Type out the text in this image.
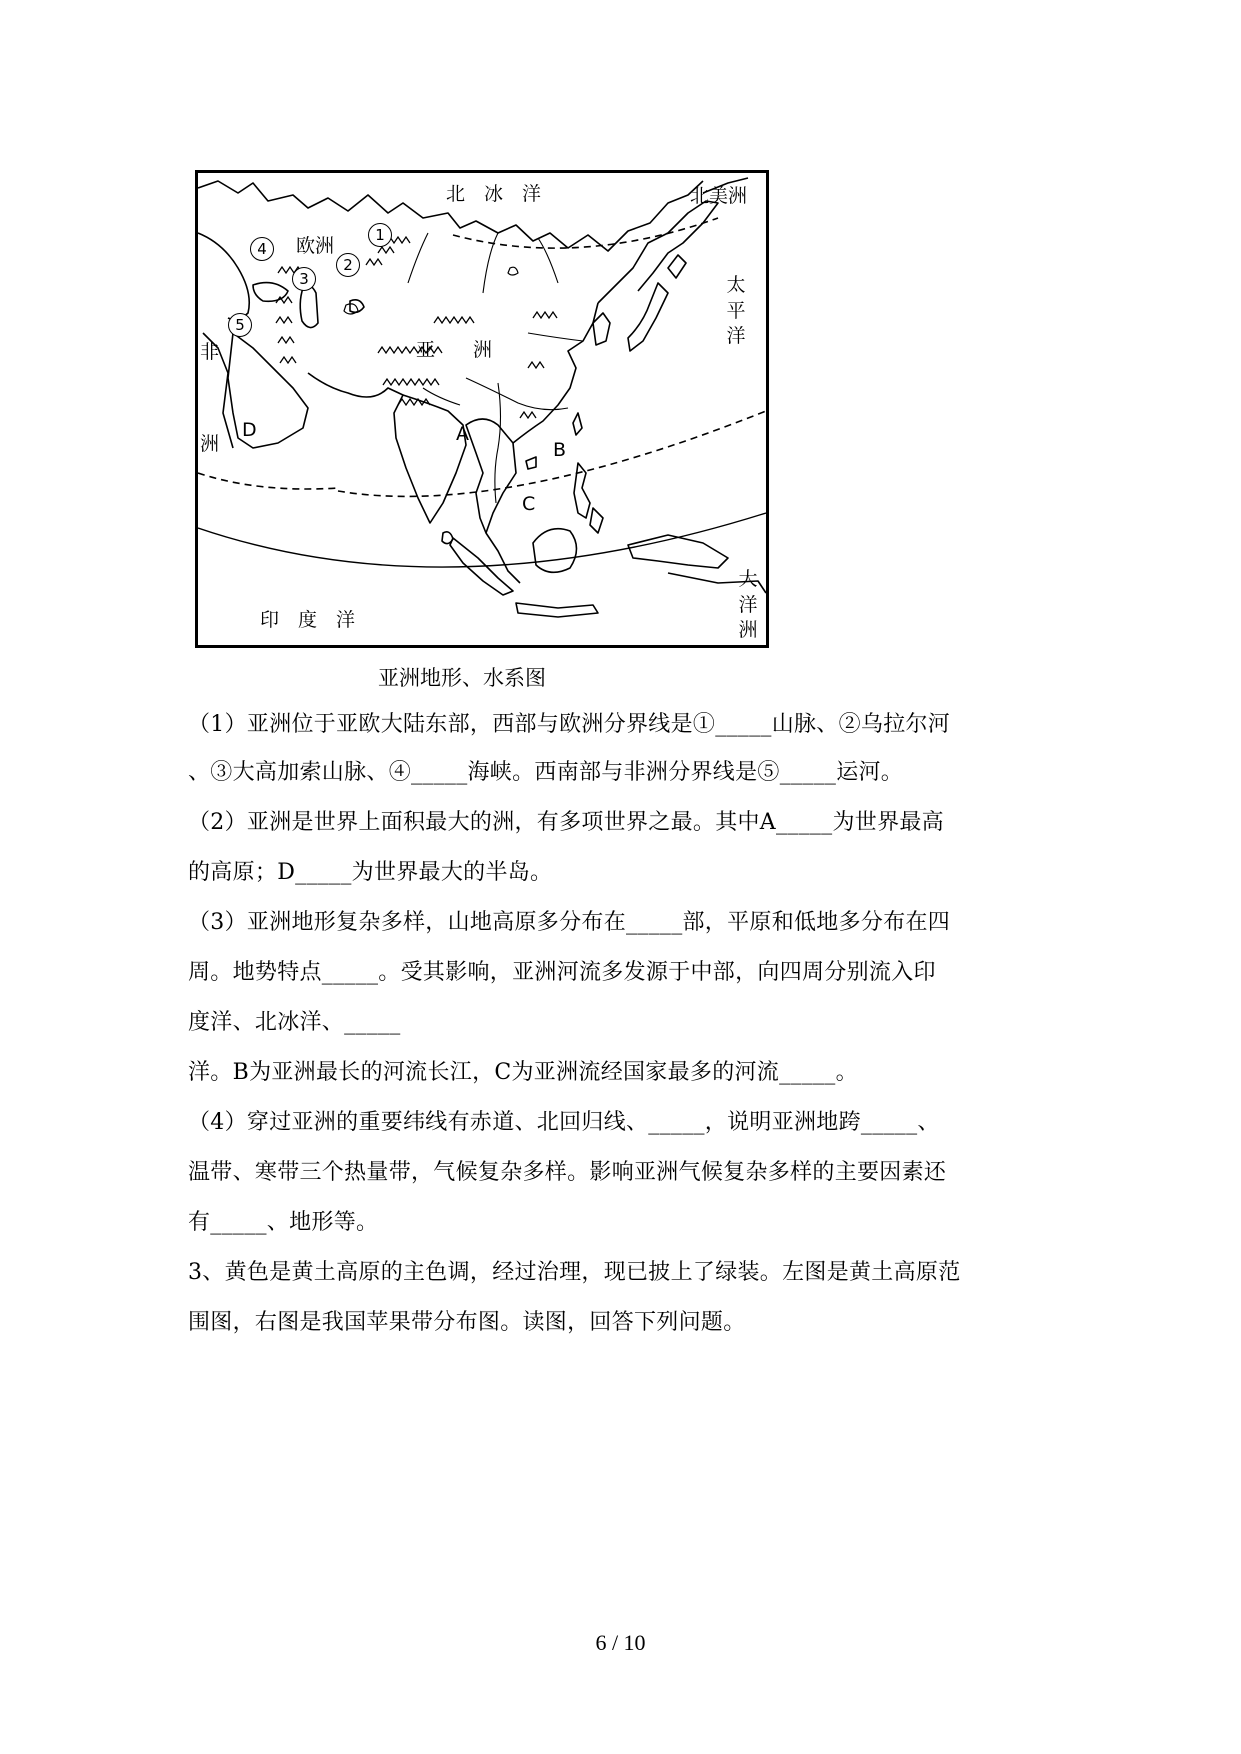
北　冰　洋	北美洲
欧洲
亚　　洲
太平洋
非
洲
印　度　洋
大洋洲
A
B
C
D
1
2
3
4
5
亚洲地形、水系图
（1）亚洲位于亚欧大陆东部，西部与欧洲分界线是①_____山脉、②乌拉尔河
、③大高加索山脉、④_____海峡。西南部与非洲分界线是⑤_____运河。
（2）亚洲是世界上面积最大的洲，有多项世界之最。其中A_____为世界最高
的高原；D_____为世界最大的半岛。
（3）亚洲地形复杂多样，山地高原多分布在_____部，平原和低地多分布在四
周。地势特点_____。受其影响，亚洲河流多发源于中部，向四周分别流入印
度洋、北冰洋、_____
洋。B为亚洲最长的河流长江，C为亚洲流经国家最多的河流_____。
（4）穿过亚洲的重要纬线有赤道、北回归线、_____，说明亚洲地跨_____、
温带、寒带三个热量带，气候复杂多样。影响亚洲气候复杂多样的主要因素还
有_____、地形等。
3、黄色是黄土高原的主色调，经过治理，现已披上了绿装。左图是黄土高原范
围图，右图是我国苹果带分布图。读图，回答下列问题。
6 / 10
